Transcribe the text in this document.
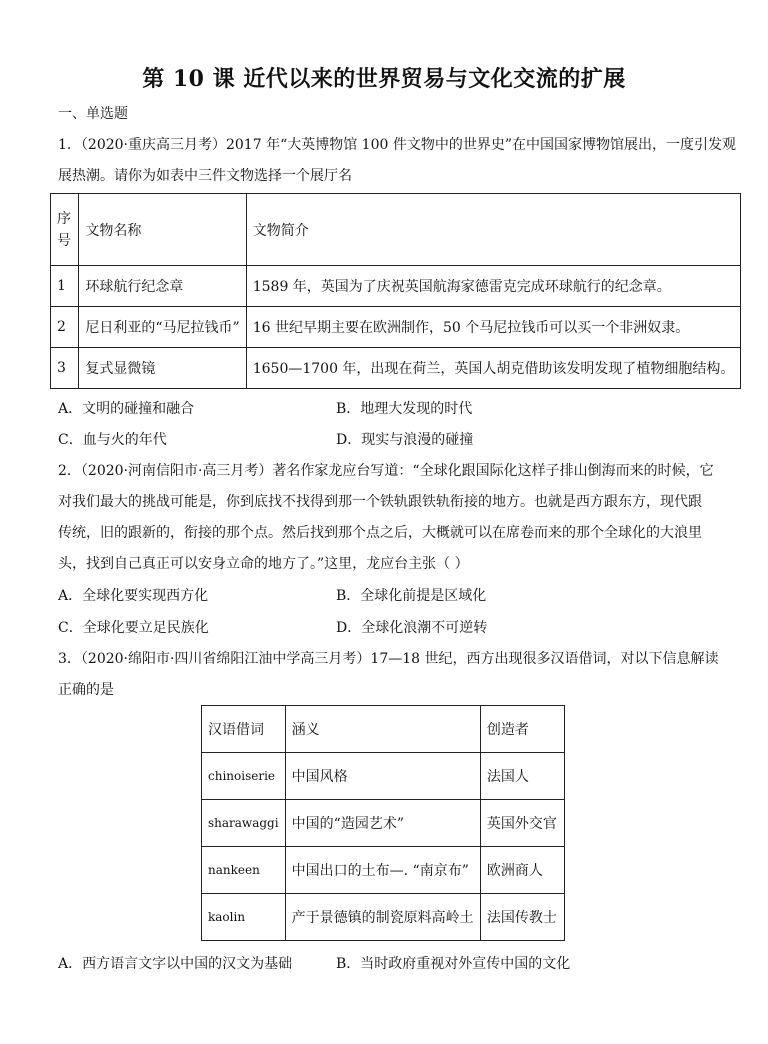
第 10 课 近代以来的世界贸易与文化交流的扩展
一、单选题
1．（2020·重庆高三月考）2017 年“大英博物馆 100 件文物中的世界史”在中国国家博物馆展出，一度引发观
展热潮。请你为如表中三件文物选择一个展厅名
序号	文物名称	文物简介
1	环球航行纪念章	1589 年，英国为了庆祝英国航海家德雷克完成环球航行的纪念章。
2	尼日利亚的“马尼拉钱币”	16 世纪早期主要在欧洲制作，50 个马尼拉钱币可以买一个非洲奴隶。
3	复式显微镜	1650—1700 年，出现在荷兰，英国人胡克借助该发明发现了植物细胞结构。
A．文明的碰撞和融合	B．地理大发现的时代
C．血与火的年代	D．现实与浪漫的碰撞
2．（2020·河南信阳市·高三月考）著名作家龙应台写道：“全球化跟国际化这样子排山倒海而来的时候，它
对我们最大的挑战可能是，你到底找不找得到那一个铁轨跟铁轨衔接的地方。也就是西方跟东方，现代跟
传统，旧的跟新的，衔接的那个点。然后找到那个点之后，大概就可以在席卷而来的那个全球化的大浪里
头，找到自己真正可以安身立命的地方了。”这里，龙应台主张（ ）
A．全球化要实现西方化	B．全球化前提是区域化
C．全球化要立足民族化	D．全球化浪潮不可逆转
3．（2020·绵阳市·四川省绵阳江油中学高三月考）17—18 世纪，西方出现很多汉语借词，对以下信息解读
正确的是
汉语借词	涵义	创造者
chinoiserie	中国风格	法国人
sharawaggi	中国的“造园艺术”	英国外交官
nankeen	中国出口的土布—. “南京布”	欧洲商人
kaolin	产于景德镇的制瓷原料高岭土	法国传教士
A．西方语言文字以中国的汉文为基础	B．当时政府重视对外宣传中国的文化
